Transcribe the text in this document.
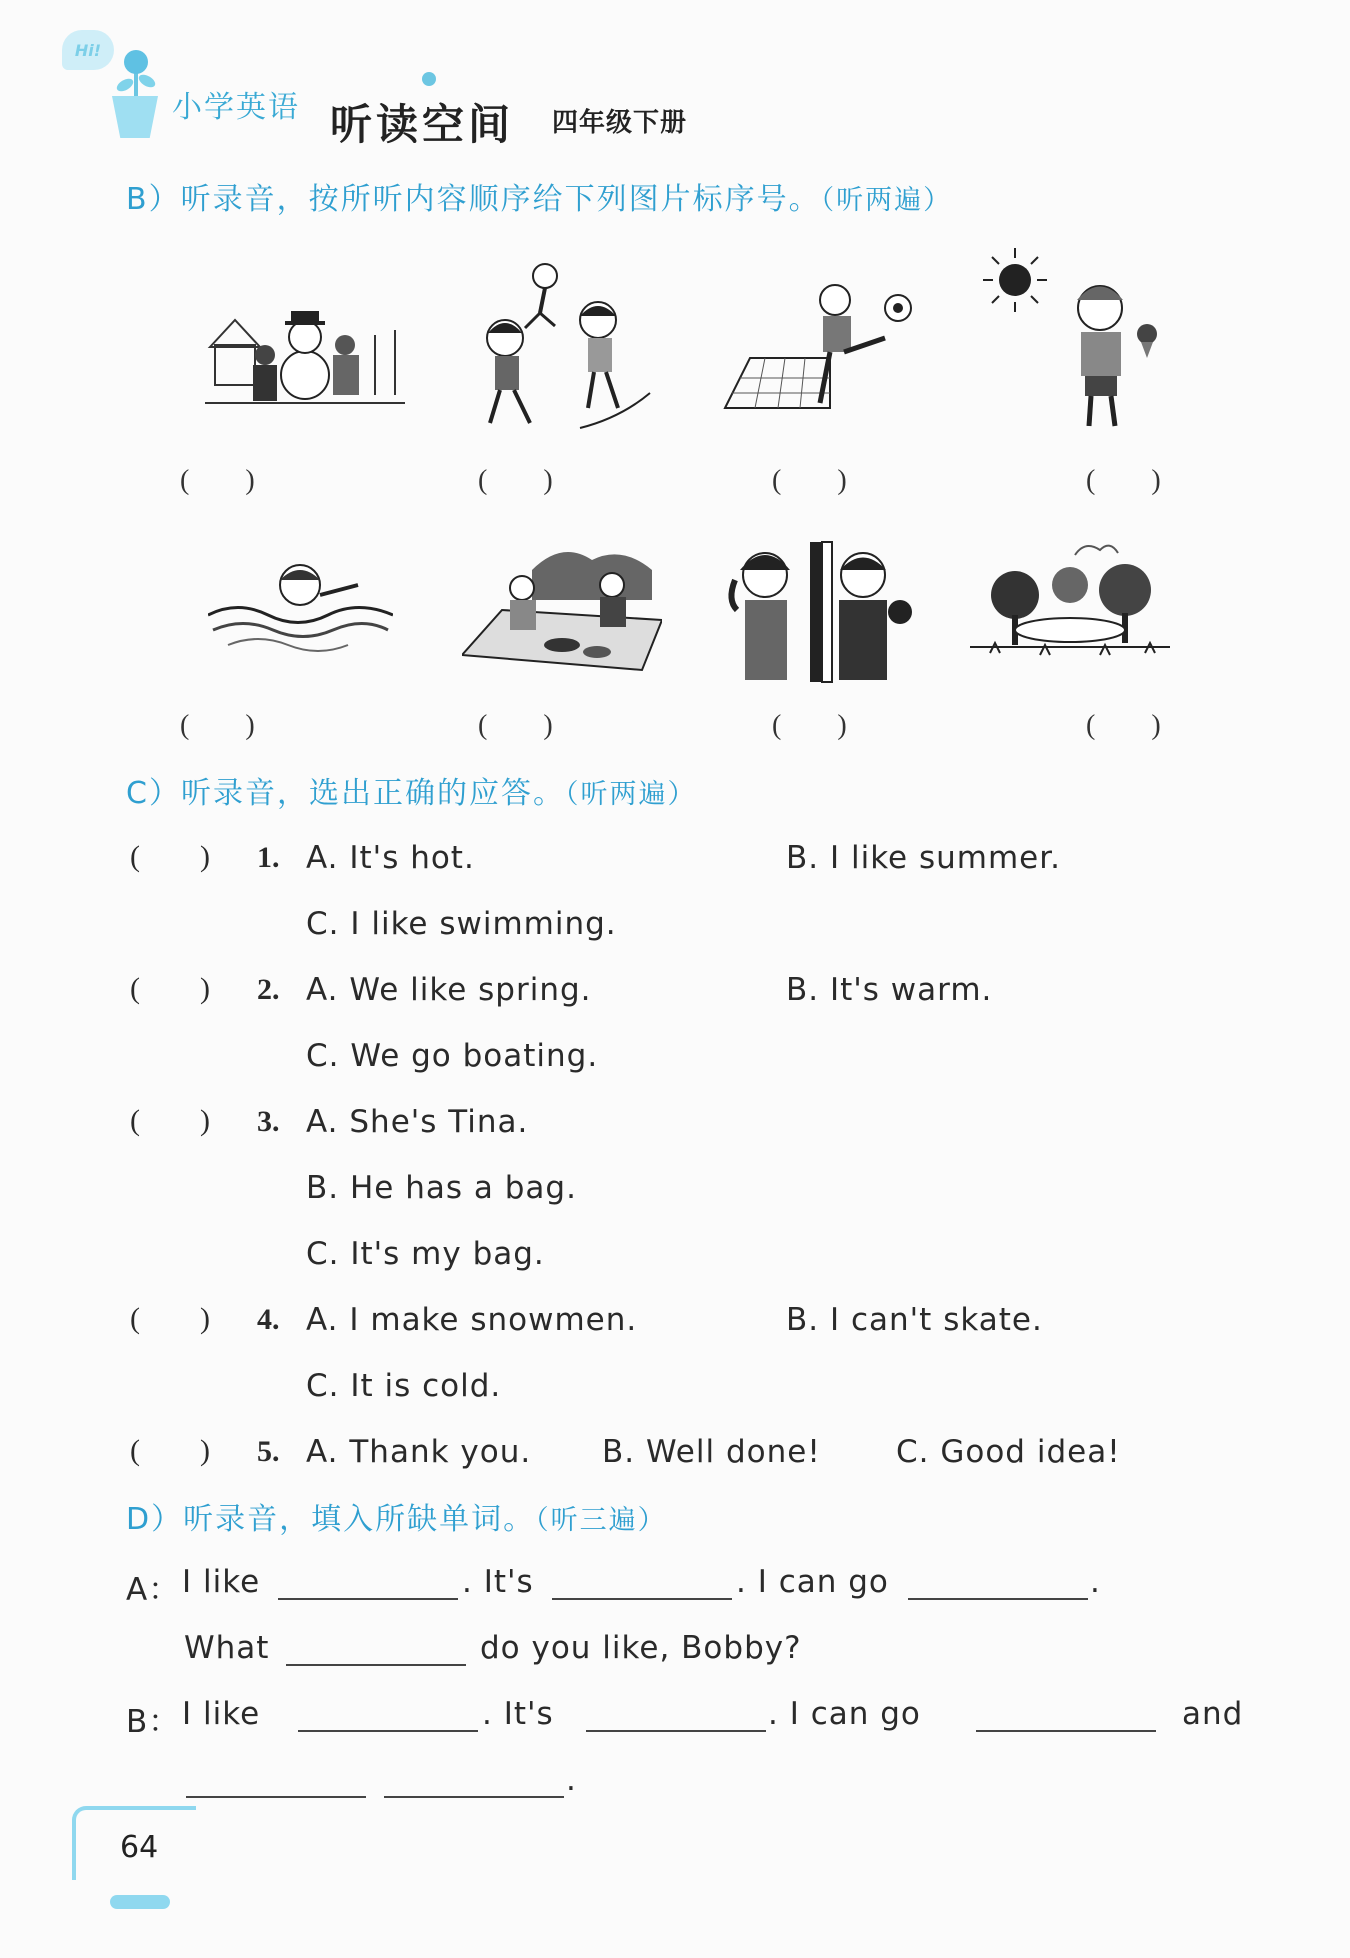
Hi!
小学英语 听读空间 四年级下册
B）听录音，按所听内容顺序给下列图片标序号。（听两遍）
(        )	(        )	(        )	(        )
(        )	(        )	(        )	(        )
C）听录音，选出正确的应答。（听两遍）
(        ) 1. A. It's hot.	B. I like summer.
C. I like swimming.
(        ) 2. A. We like spring.	B. It's warm.
C. We go boating.
(        ) 3. A. She's Tina.
B. He has a bag.
C. It's my bag.
(        ) 4. A. I make snowmen.	B. I can't skate.
C. It is cold.
(        ) 5. A. Thank you. B. Well done! C. Good idea!
D）听录音，填入所缺单词。（听三遍）
A： I like	. It's	. I can go	.
What	do you like, Bobby?
B： I like	. It's	. I can go	and
.
64
